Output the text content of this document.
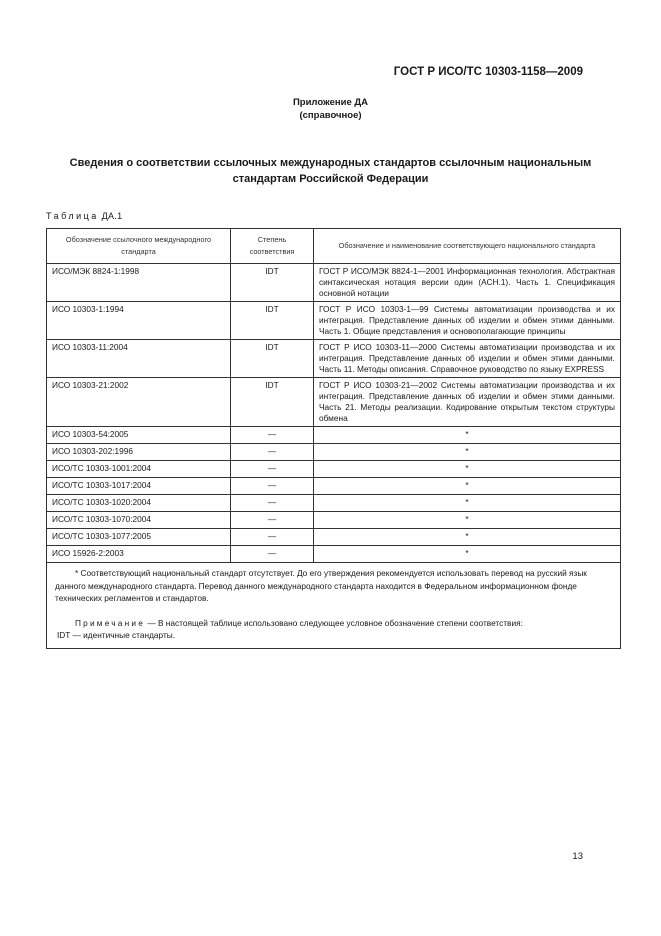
ГОСТ Р ИСО/ТС 10303-1158—2009
Приложение ДА
(справочное)
Сведения о соответствии ссылочных международных стандартов ссылочным национальным стандартам Российской Федерации
Таблица ДА.1
Обозначение ссылочного международного стандарта	Степень соответствия	Обозначение и наименование соответствующего национального стандарта
ИСО/МЭК 8824-1:1998	IDT	ГОСТ Р ИСО/МЭК 8824-1—2001 Информационная технология. Абстрактная синтаксическая нотация версии один (АСН.1). Часть 1. Спецификация основной нотации
ИСО 10303-1:1994	IDT	ГОСТ Р ИСО 10303-1—99 Системы автоматизации производства и их интеграция. Представление данных об изделии и обмен этими данными. Часть 1. Общие представления и основополагающие принципы
ИСО 10303-11:2004	IDT	ГОСТ Р ИСО 10303-11—2000 Системы автоматизации производства и их интеграция. Представление данных об изделии и обмен этими данными. Часть 11. Методы описания. Справочное руководство по языку EXPRESS
ИСО 10303-21:2002	IDT	ГОСТ Р ИСО 10303-21—2002 Системы автоматизации производства и их интеграция. Представление данных об изделии и обмен этими данными. Часть 21. Методы реализации. Кодирование открытым текстом структуры обмена
ИСО 10303-54:2005	—	*
ИСО 10303-202:1996	—	*
ИСО/ТС 10303-1001:2004	—	*
ИСО/ТС 10303-1017:2004	—	*
ИСО/ТС 10303-1020:2004	—	*
ИСО/ТС 10303-1070:2004	—	*
ИСО/ТС 10303-1077:2005	—	*
ИСО 15926-2:2003	—	*

* Соответствующий национальный стандарт отсутствует. До его утверждения рекомендуется использовать перевод на русский язык данного международного стандарта. Перевод данного международного стандарта находится в Федеральном информационном фонде технических регламентов и стандартов.

Примечание — В настоящей таблице использовано следующее условное обозначение степени соответствия:

IDT — идентичные стандарты.		

13
